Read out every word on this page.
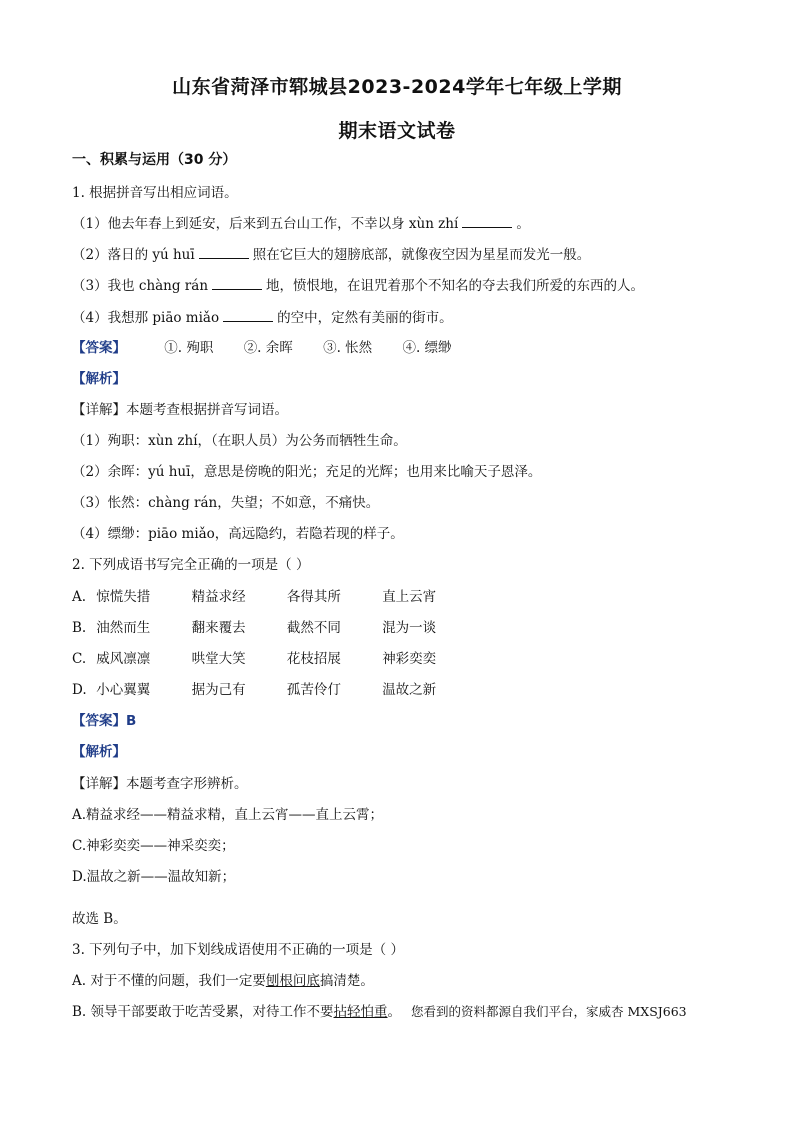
山东省菏泽市郓城县2023-2024学年七年级上学期
期末语文试卷
一、积累与运用（30 分）
1. 根据拼音写出相应词语。
（1）他去年春上到延安，后来到五台山工作，不幸以身 xùn zhí	。
（2）落日的 yú huī	照在它巨大的翅膀底部，就像夜空因为星星而发光一般。
（3）我也 chàng rán	地，愤恨地，在诅咒着那个不知名的夺去我们所爱的东西的人。
（4）我想那 piāo miǎo	的空中，定然有美丽的街市。
【答案】	①. 殉职 ②. 余晖 ③. 怅然 ④. 缥缈
【解析】
【详解】本题考查根据拼音写词语。
（1）殉职：xùn zhí，（在职人员）为公务而牺牲生命。
（2）余晖：yú huī，意思是傍晚的阳光；充足的光辉；也用来比喻天子恩泽。
（3）怅然：chàng rán，失望；不如意，不痛快。
（4）缥缈：piāo miǎo，高远隐约，若隐若现的样子。
2. 下列成语书写完全正确的一项是（ ）
A. 惊慌失措	精益求经	各得其所	直上云宵
B. 油然而生	翻来覆去	截然不同	混为一谈
C. 威风凛凛	哄堂大笑	花枝招展	神彩奕奕
D. 小心翼翼	据为己有	孤苦伶仃	温故之新
【答案】B
【解析】
【详解】本题考查字形辨析。
A.精益求经——精益求精，直上云宵——直上云霄；
C.神彩奕奕——神采奕奕；
D.温故之新——温故知新；
故选 B。
3. 下列句子中，加下划线成语使用不正确的一项是（ ）
A. 对于不懂的问题，我们一定要刨根问底搞清楚。
B. 领导干部要敢于吃苦受累，对待工作不要拈轻怕重。 您看到的资料都源自我们平台，家威杏 MXSJ663
